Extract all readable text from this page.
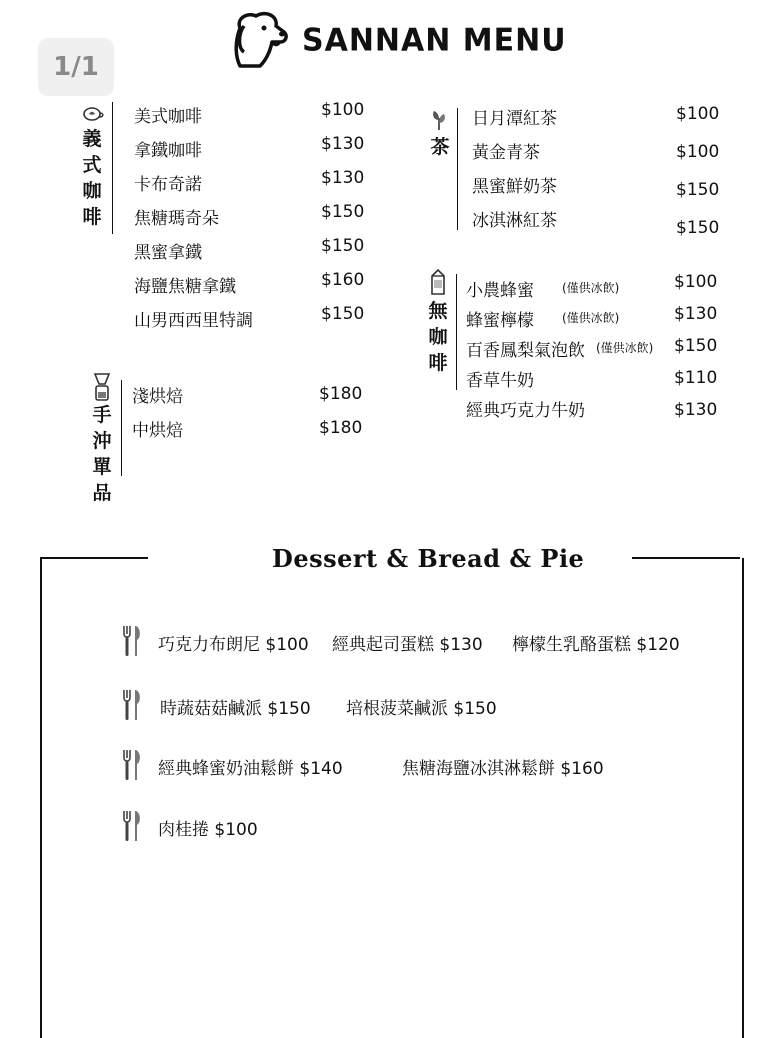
1/1
SANNAN MENU
義
式
咖
啡
手
沖
單
品
茶
無
咖
啡
Dessert & Bread & Pie
美式咖啡	$100
拿鐵咖啡	$130
卡布奇諾	$130
焦糖瑪奇朵	$150
黑蜜拿鐵	$150
海鹽焦糖拿鐵	$160
山男西西里特調	$150
淺烘焙	$180
中烘焙	$180
日月潭紅茶	$100
黃金青茶	$100
黑蜜鮮奶茶	$150
冰淇淋紅茶	$150
小農蜂蜜 (僅供冰飲)	$100
蜂蜜檸檬 (僅供冰飲)	$130
百香鳳梨氣泡飲 (僅供冰飲) $150
香草牛奶	$110
經典巧克力牛奶	$130
巧克力布朗尼 $100 經典起司蛋糕 $130 檸檬生乳酪蛋糕 $120
時蔬菇菇鹹派 $150 培根菠菜鹹派 $150
經典蜂蜜奶油鬆餅 $140	焦糖海鹽冰淇淋鬆餅 $160
肉桂捲 $100
